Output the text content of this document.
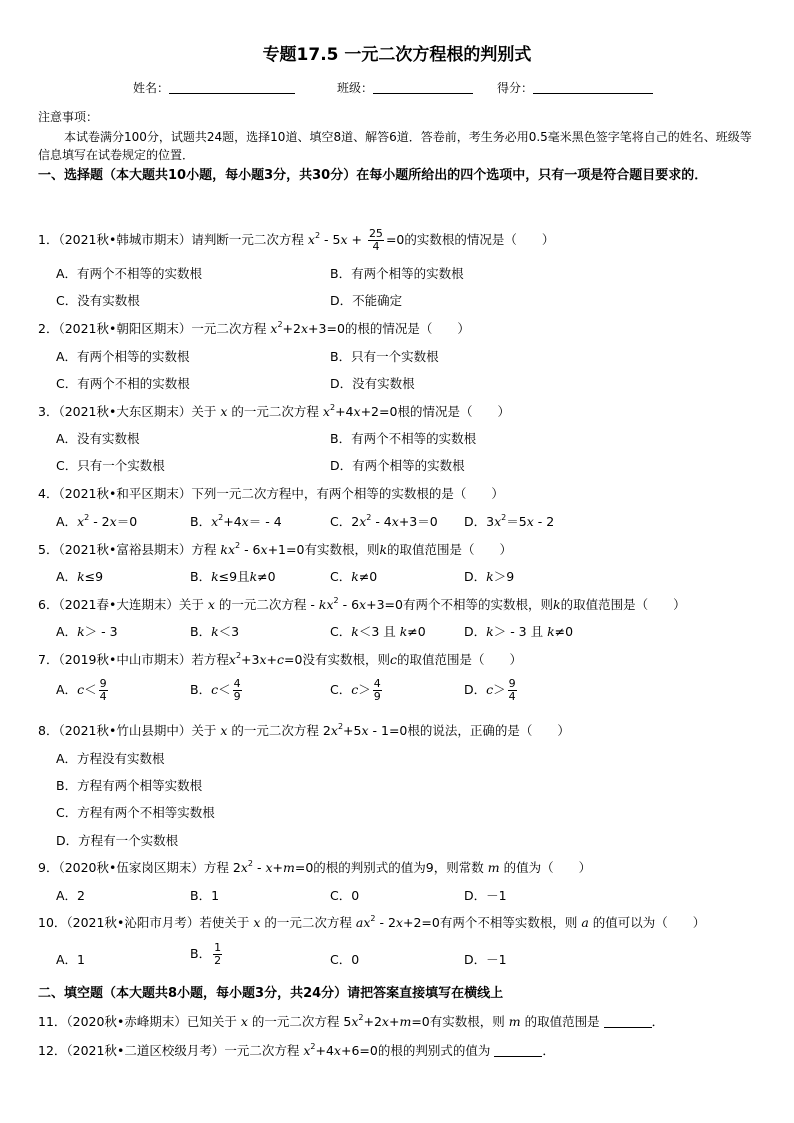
专题17.5 一元二次方程根的判别式
姓名：	班级：	得分：
注意事项：
本试卷满分100分，试题共24题，选择10道、填空8道、解答6道．答卷前，考生务必用0.5毫米黑色签字笔将自己的姓名、班级等信息填写在试卷规定的位置．
一、选择题（本大题共10小题，每小题3分，共30分）在每小题所给出的四个选项中，只有一项是符合题目要求的．
1．（2021秋•韩城市期末）请判断一元二次方程 $x^2 - 5x + \frac{25}{4} =0$的实数根的情况是（　　）
A．有两个不相等的实数根	B．有两个相等的实数根
C．没有实数根	D．不能确定
2．（2021秋•朝阳区期末）一元二次方程 $x^2+2x+3=0$的根的情况是（　　）
A．有两个相等的实数根	B．只有一个实数根
C．有两个不相的实数根	D．没有实数根
3．（2021秋•大东区期末）关于 x 的一元二次方程 $x^2+4x+2=0$根的情况是（　　）
A．没有实数根	B．有两个不相等的实数根
C．只有一个实数根	D．有两个相等的实数根
4．（2021秋•和平区期末）下列一元二次方程中，有两个相等的实数根的是（　　）
A．$x^2 - 2x=0$	B．$x^2+4x= - 4$	C．$2x^2 - 4x+3=0$ D．$3x^2=5x - 2$
5．（2021秋•富裕县期末）方程 $kx^2 - 6x+1=0$有实数根，则k的取值范围是（　　）
A．k≤9	B．k≤9且k≠0	C．k≠0	D．k＞9
6．（2021春•大连期末）关于 x 的一元二次方程 - $kx^2 - 6x+3=0$有两个不相等的实数根，则k的取值范围是（　　）
A．k＞ - 3	B．k＜3	C．k＜3 且 k≠0	D．k＞ - 3 且 k≠0
7．（2019秋•中山市期末）若方程$x^2+3x+c=0$没有实数根，则c的取值范围是（　　）
A．$c< \frac{9}{4}$	B．$c< \frac{4}{9}$	C．$c> \frac{4}{9}$	D．$c> \frac{9}{4}$
8．（2021秋•竹山县期中）关于 x 的一元二次方程 $2x^2+5x - 1=0$根的说法，正确的是（　　）
A．方程没有实数根
B．方程有两个相等实数根
C．方程有两个不相等实数根
D．方程有一个实数根
9．（2020秋•伍家岗区期末）方程 $2x^2 - x+m=0$的根的判别式的值为9，则常数 m 的值为（　　）
A．2	B．1	C．0	D．－1
10．（2021秋•沁阳市月考）若使关于 x 的一元二次方程 $ax^2 - 2x+2=0$有两个不相等实数根，则 a 的值可以为（　　）
A．1	B． $\frac{1}{2}$	C．0	D．－1
二、填空题（本大题共8小题，每小题3分，共24分）请把答案直接填写在横线上
11．（2020秋•赤峰期末）已知关于 x 的一元二次方程 $5x^2+2x+m=0$有实数根，则 m 的取值范围是	．
12．（2021秋•二道区校级月考）一元二次方程 $x^2+4x+6=0$的根的判别式的值为	．
